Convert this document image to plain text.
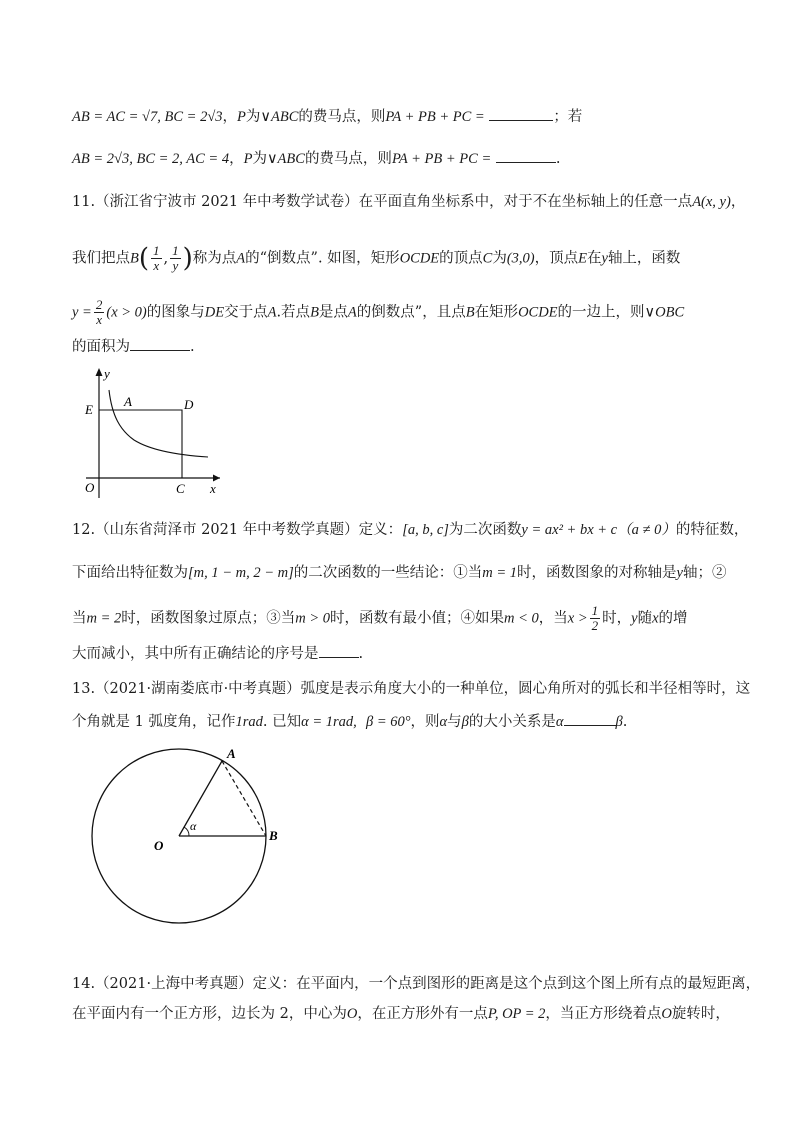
AB = AC = √7, BC = 2√3，P为∨ABC的费马点，则PA + PB + PC =	；若
AB = 2√3, BC = 2, AC = 4，P为∨ABC的费马点，则PA + PB + PC =	.
11.（浙江省宁波市 2021 年中考数学试卷）在平面直角坐标系中，对于不在坐标轴上的任意一点A(x, y)，
我们把点$B( \frac{1}{x}$ , $\frac{1}{y}$ )称为点A的“倒数点”. 如图，矩形OCDE的顶点C为(3,0)，顶点E在y轴上，函数
$y = \frac{2}{x} (x > 0)$的图象与DE交于点A.若点B是点A的倒数点”，且点B在矩形OCDE的一边上，则∨OBC
的面积为	.
y
E
A	D
O	C x
12.（山东省菏泽市 2021 年中考数学真题）定义：[a, b, c]为二次函数y = ax² + bx + c（a ≠ 0）的特征数，
下面给出特征数为[m, 1 − m, 2 − m]的二次函数的一些结论：①当m = 1时，函数图象的对称轴是y轴；②
当m = 2时，函数图象过原点；③当m > 0时，函数有最小值；④如果m < 0，当$x > \frac{1}{2}$ 时，y随x的增
大而减小，其中所有正确结论的序号是	.
13.（2021·湖南娄底市·中考真题）弧度是表示角度大小的一种单位，圆心角所对的弧长和半径相等时，这
个角就是 1 弧度角，记作1rad. 已知α = 1rad, β = 60°，则α与β的大小关系是α	β.
α
A
B
O
14.（2021·上海中考真题）定义：在平面内，一个点到图形的距离是这个点到这个图上所有点的最短距离，
在平面内有一个正方形，边长为 2，中心为O，在正方形外有一点P, OP = 2，当正方形绕着点O旋转时，
